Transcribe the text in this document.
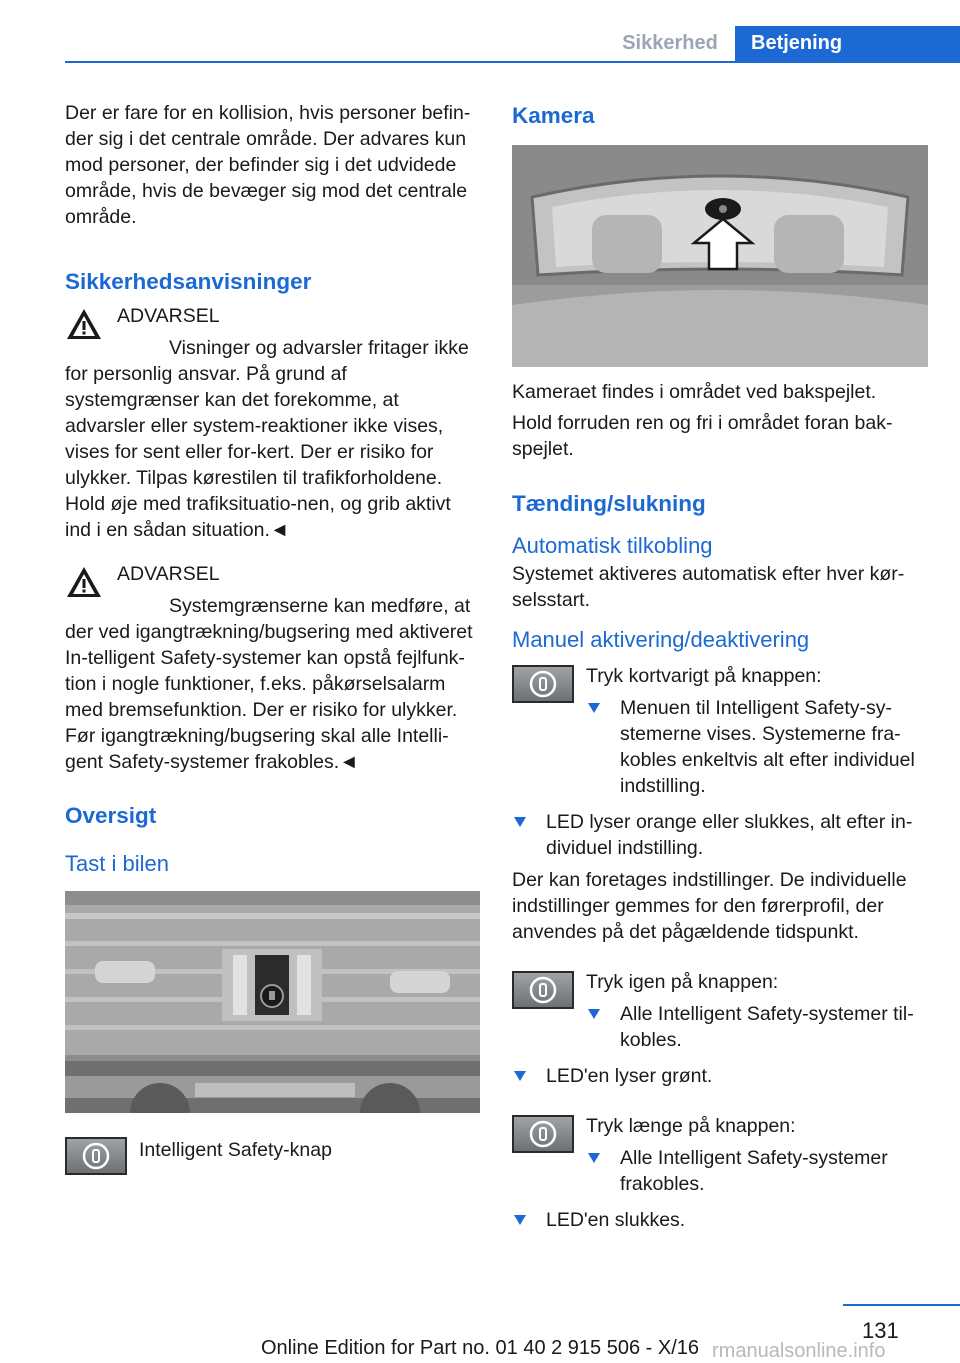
Sikkerhed	Betjening

Der er fare for en kollision, hvis personer befin‐der sig i det centrale område. Der advares kun mod personer, der befinder sig i det udvidede område, hvis de bevæger sig mod det centrale område.

Sikkerhedsanvisninger

ADVARSEL

Visninger og advarsler fritager ikke for personlig ansvar. På grund af systemgrænser kan det forekomme, at advarsler eller system‐reaktioner ikke vises, vises for sent eller for‐kert. Der er risiko for ulykker. Tilpas kørestilen til trafikforholdene. Hold øje med trafiksituatio‐nen, og grib aktivt ind i en sådan situation.◄

ADVARSEL

Systemgrænserne kan medføre, at der ved igangtrækning/bugsering med aktiveret In‐telligent Safety-systemer kan opstå fejlfunk‐tion i nogle funktioner, f.eks. påkørselsalarm med bremsefunktion. Der er risiko for ulykker. Før igangtrækning/bugsering skal alle Intelli‐gent Safety-systemer frakobles.◄

Oversigt
Tast i bilen

Intelligent Safety-knap

Kamera

Kameraet findes i området ved bakspejlet.

Hold forruden ren og fri i området foran bak‐spejlet.

Tænding/slukning
Automatisk tilkobling

Systemet aktiveres automatisk efter hver kør‐selsstart.

Manuel aktivering/deaktivering

Tryk kortvarigt på knappen:

Menuen til Intelligent Safety-sy‐stemerne vises. Systemerne fra‐kobles enkeltvis alt efter individuel indstilling.
LED lyser orange eller slukkes, alt efter in‐dividuel indstilling.

Der kan foretages indstillinger. De individuelle indstillinger gemmes for den førerprofil, der anvendes på det pågældende tidspunkt.

Tryk igen på knappen:

Alle Intelligent Safety-systemer til‐kobles.
LED'en lyser grønt.

Tryk længe på knappen:

Alle Intelligent Safety-systemer frakobles.
LED'en slukkes.
131
Online Edition for Part no. 01 40 2 915 506 - X/16 rmanualsonline.info
